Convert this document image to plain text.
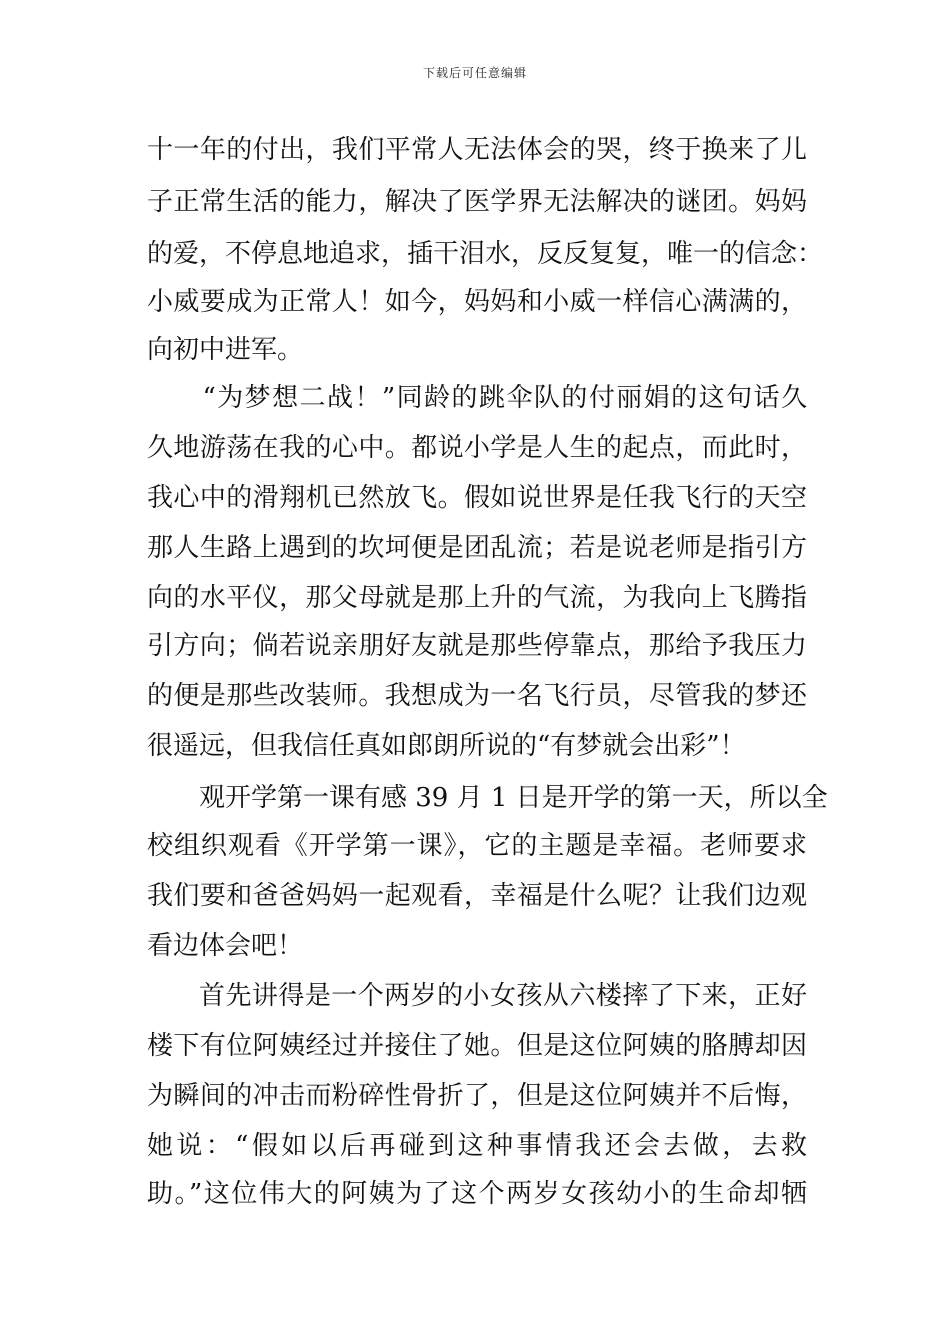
下载后可任意编辑
十一年的付出，我们平常人无法体会的哭，终于换来了儿
子正常生活的能力，解决了医学界无法解决的谜团。妈妈
的爱，不停息地追求，插干泪水，反反复复，唯一的信念：
小威要成为正常人！如今，妈妈和小威一样信心满满的，
向初中进军。
　“为梦想二战！”同龄的跳伞队的付丽娟的这句话久
久地游荡在我的心中。都说小学是人生的起点，而此时，
我心中的滑翔机已然放飞。假如说世界是任我飞行的天空
那人生路上遇到的坎坷便是团乱流；若是说老师是指引方
向的水平仪，那父母就是那上升的气流，为我向上飞腾指
引方向；倘若说亲朋好友就是那些停靠点，那给予我压力
的便是那些改装师。我想成为一名飞行员，尽管我的梦还
很遥远，但我信任真如郎朗所说的“有梦就会出彩”！
观开学第一课有感 39 月 1 日是开学的第一天，所以全
校组织观看《开学第一课》，它的主题是幸福。老师要求
我们要和爸爸妈妈一起观看，幸福是什么呢？让我们边观
看边体会吧！
首先讲得是一个两岁的小女孩从六楼摔了下来，正好
楼下有位阿姨经过并接住了她。但是这位阿姨的胳膊却因
为瞬间的冲击而粉碎性骨折了，但是这位阿姨并不后悔，
她说：“假如以后再碰到这种事情我还会去做，去救
助。”这位伟大的阿姨为了这个两岁女孩幼小的生命却牺
